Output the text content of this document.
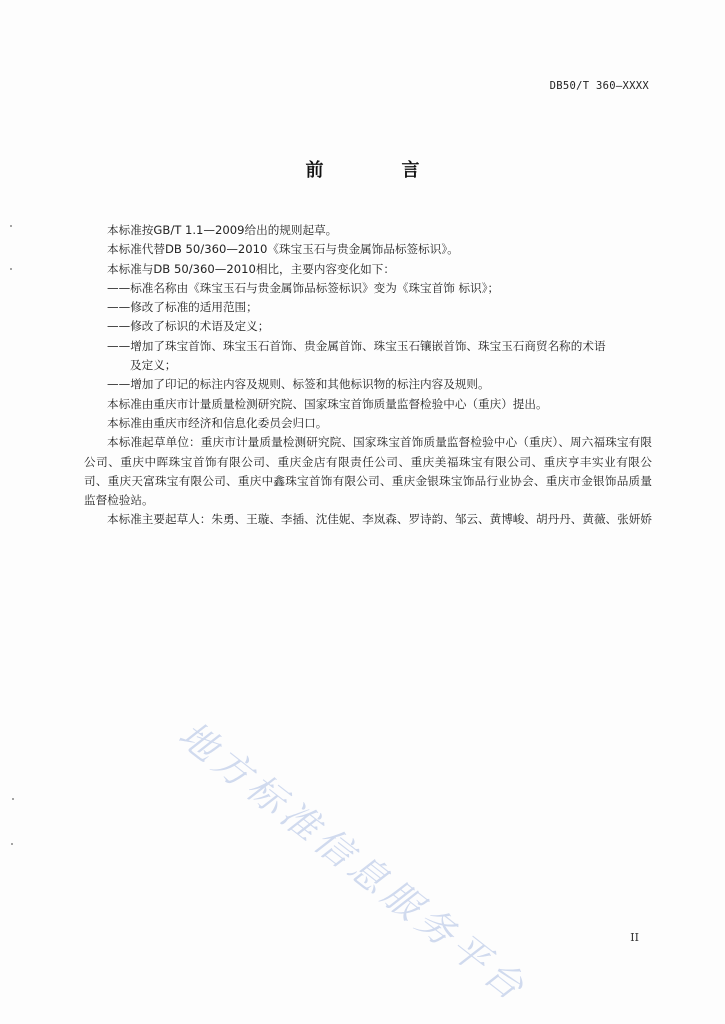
DB50/T 360—XXXX
前　言

本标准按GB/T 1.1—2009给出的规则起草。

本标准代替DB 50/360—2010《珠宝玉石与贵金属饰品标签标识》。

本标准与DB 50/360—2010相比，主要内容变化如下：

——标准名称由《珠宝玉石与贵金属饰品标签标识》变为《珠宝首饰 标识》；

——修改了标准的适用范围；

——修改了标识的术语及定义；

——增加了珠宝首饰、珠宝玉石首饰、贵金属首饰、珠宝玉石镶嵌首饰、珠宝玉石商贸名称的术语

及定义；

——增加了印记的标注内容及规则、标签和其他标识物的标注内容及规则。

本标准由重庆市计量质量检测研究院、国家珠宝首饰质量监督检验中心（重庆）提出。

本标准由重庆市经济和信息化委员会归口。

本标准起草单位：重庆市计量质量检测研究院、国家珠宝首饰质量监督检验中心（重庆）、周六福珠宝有限公司、重庆中晖珠宝首饰有限公司、重庆金店有限责任公司、重庆美福珠宝有限公司、重庆亨丰实业有限公司、重庆天富珠宝有限公司、重庆中鑫珠宝首饰有限公司、重庆金银珠宝饰品行业协会、重庆市金银饰品质量监督检验站。

本标准主要起草人：朱勇、王璇、李插、沈佳妮、李岚森、罗诗韵、邹云、黄博峻、胡丹丹、黄薇、张妍娇

地方标准信息服务平台	II
